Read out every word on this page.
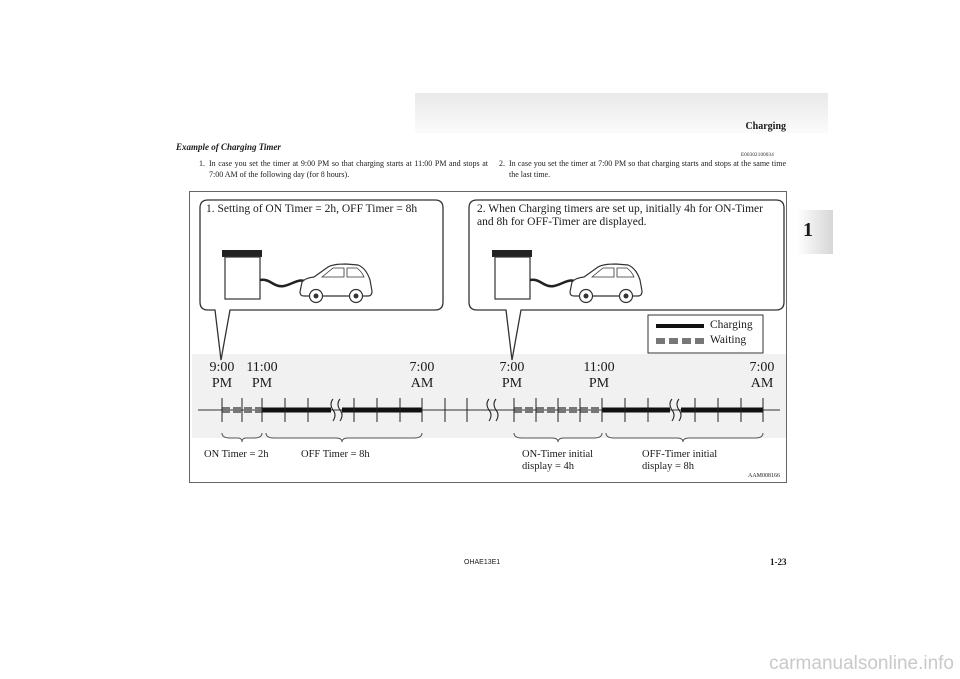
Charging
1
Example of Charging Timer
E00302100034
1. In case you set the timer at 9:00 PM so that charging starts at 11:00 PM and stops at 7:00 AM of the following day (for 8 hours).
2. In case you set the timer at 7:00 PM so that charging starts and stops at the same time the last time.
1. Setting of ON Timer = 2h, OFF Timer = 8h	2. When Charging timers are set up, initially 4h for ON-Timer
and 8h for OFF-Timer are displayed.
Charging
Waiting
9:00
PM
11:00
PM
7:00
AM
7:00
PM
11:00
PM
7:00
AM
ON Timer = 2h	OFF Timer = 8h	ON-Timer initial
display = 4h
OFF-Timer initial
display = 8h
AAM008166
OHAE13E1	1-23
carmanualsonline.info
